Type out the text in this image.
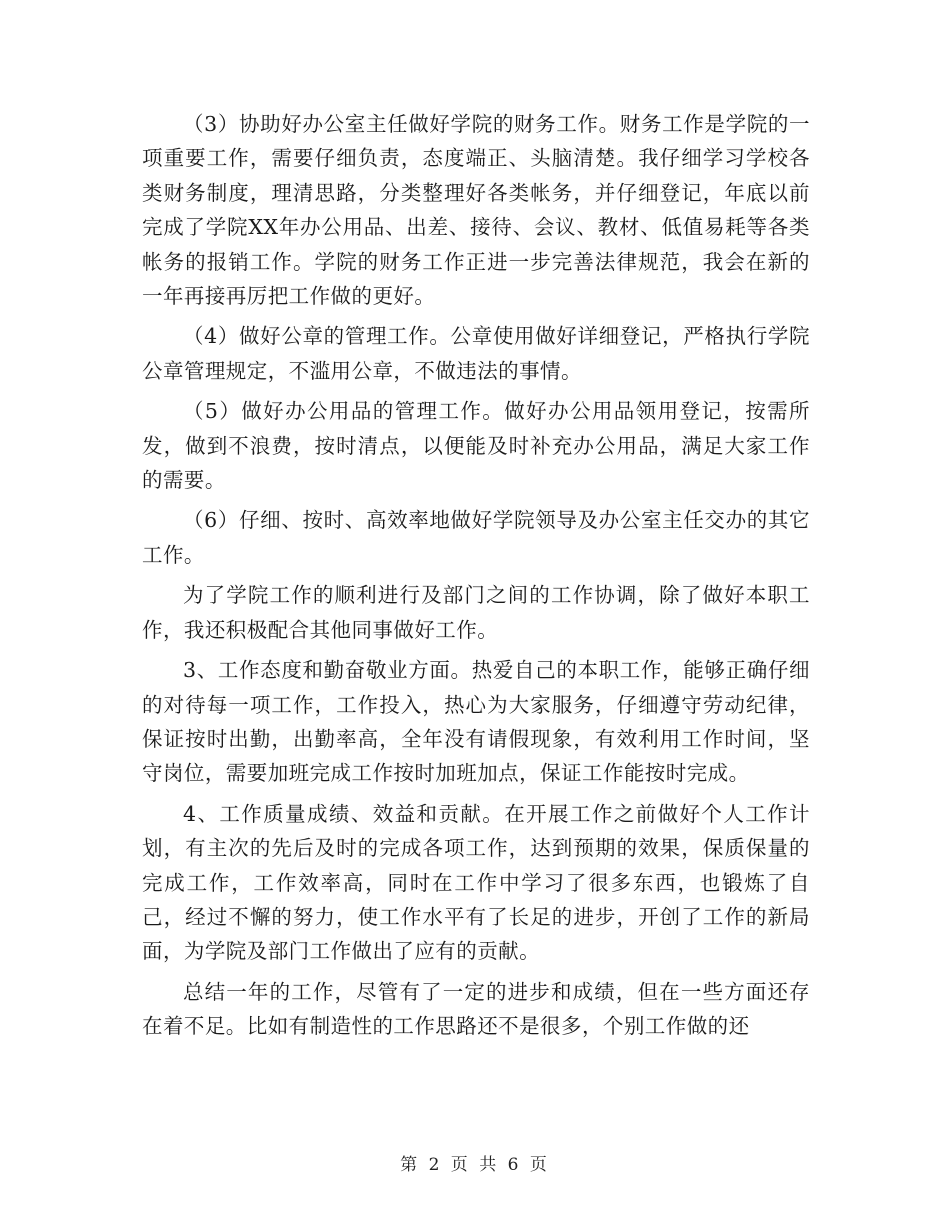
（3）协助好办公室主任做好学院的财务工作。财务工作是学院的一项重要工作，需要仔细负责，态度端正、头脑清楚。我仔细学习学校各类财务制度，理清思路，分类整理好各类帐务，并仔细登记，年底以前完成了学院XX年办公用品、出差、接待、会议、教材、低值易耗等各类帐务的报销工作。学院的财务工作正进一步完善法律规范，我会在新的一年再接再厉把工作做的更好。

（4）做好公章的管理工作。公章使用做好详细登记，严格执行学院公章管理规定，不滥用公章，不做违法的事情。

（5）做好办公用品的管理工作。做好办公用品领用登记，按需所发，做到不浪费，按时清点，以便能及时补充办公用品，满足大家工作的需要。

（6）仔细、按时、高效率地做好学院领导及办公室主任交办的其它工作。

为了学院工作的顺利进行及部门之间的工作协调，除了做好本职工作，我还积极配合其他同事做好工作。

3、工作态度和勤奋敬业方面。热爱自己的本职工作，能够正确仔细的对待每一项工作，工作投入，热心为大家服务，仔细遵守劳动纪律，保证按时出勤，出勤率高，全年没有请假现象，有效利用工作时间，坚守岗位，需要加班完成工作按时加班加点，保证工作能按时完成。

4、工作质量成绩、效益和贡献。在开展工作之前做好个人工作计划，有主次的先后及时的完成各项工作，达到预期的效果，保质保量的完成工作，工作效率高，同时在工作中学习了很多东西，也锻炼了自己，经过不懈的努力，使工作水平有了长足的进步，开创了工作的新局面，为学院及部门工作做出了应有的贡献。

总结一年的工作，尽管有了一定的进步和成绩，但在一些方面还存在着不足。比如有制造性的工作思路还不是很多，个别工作做的还

第 2 页 共 6 页
